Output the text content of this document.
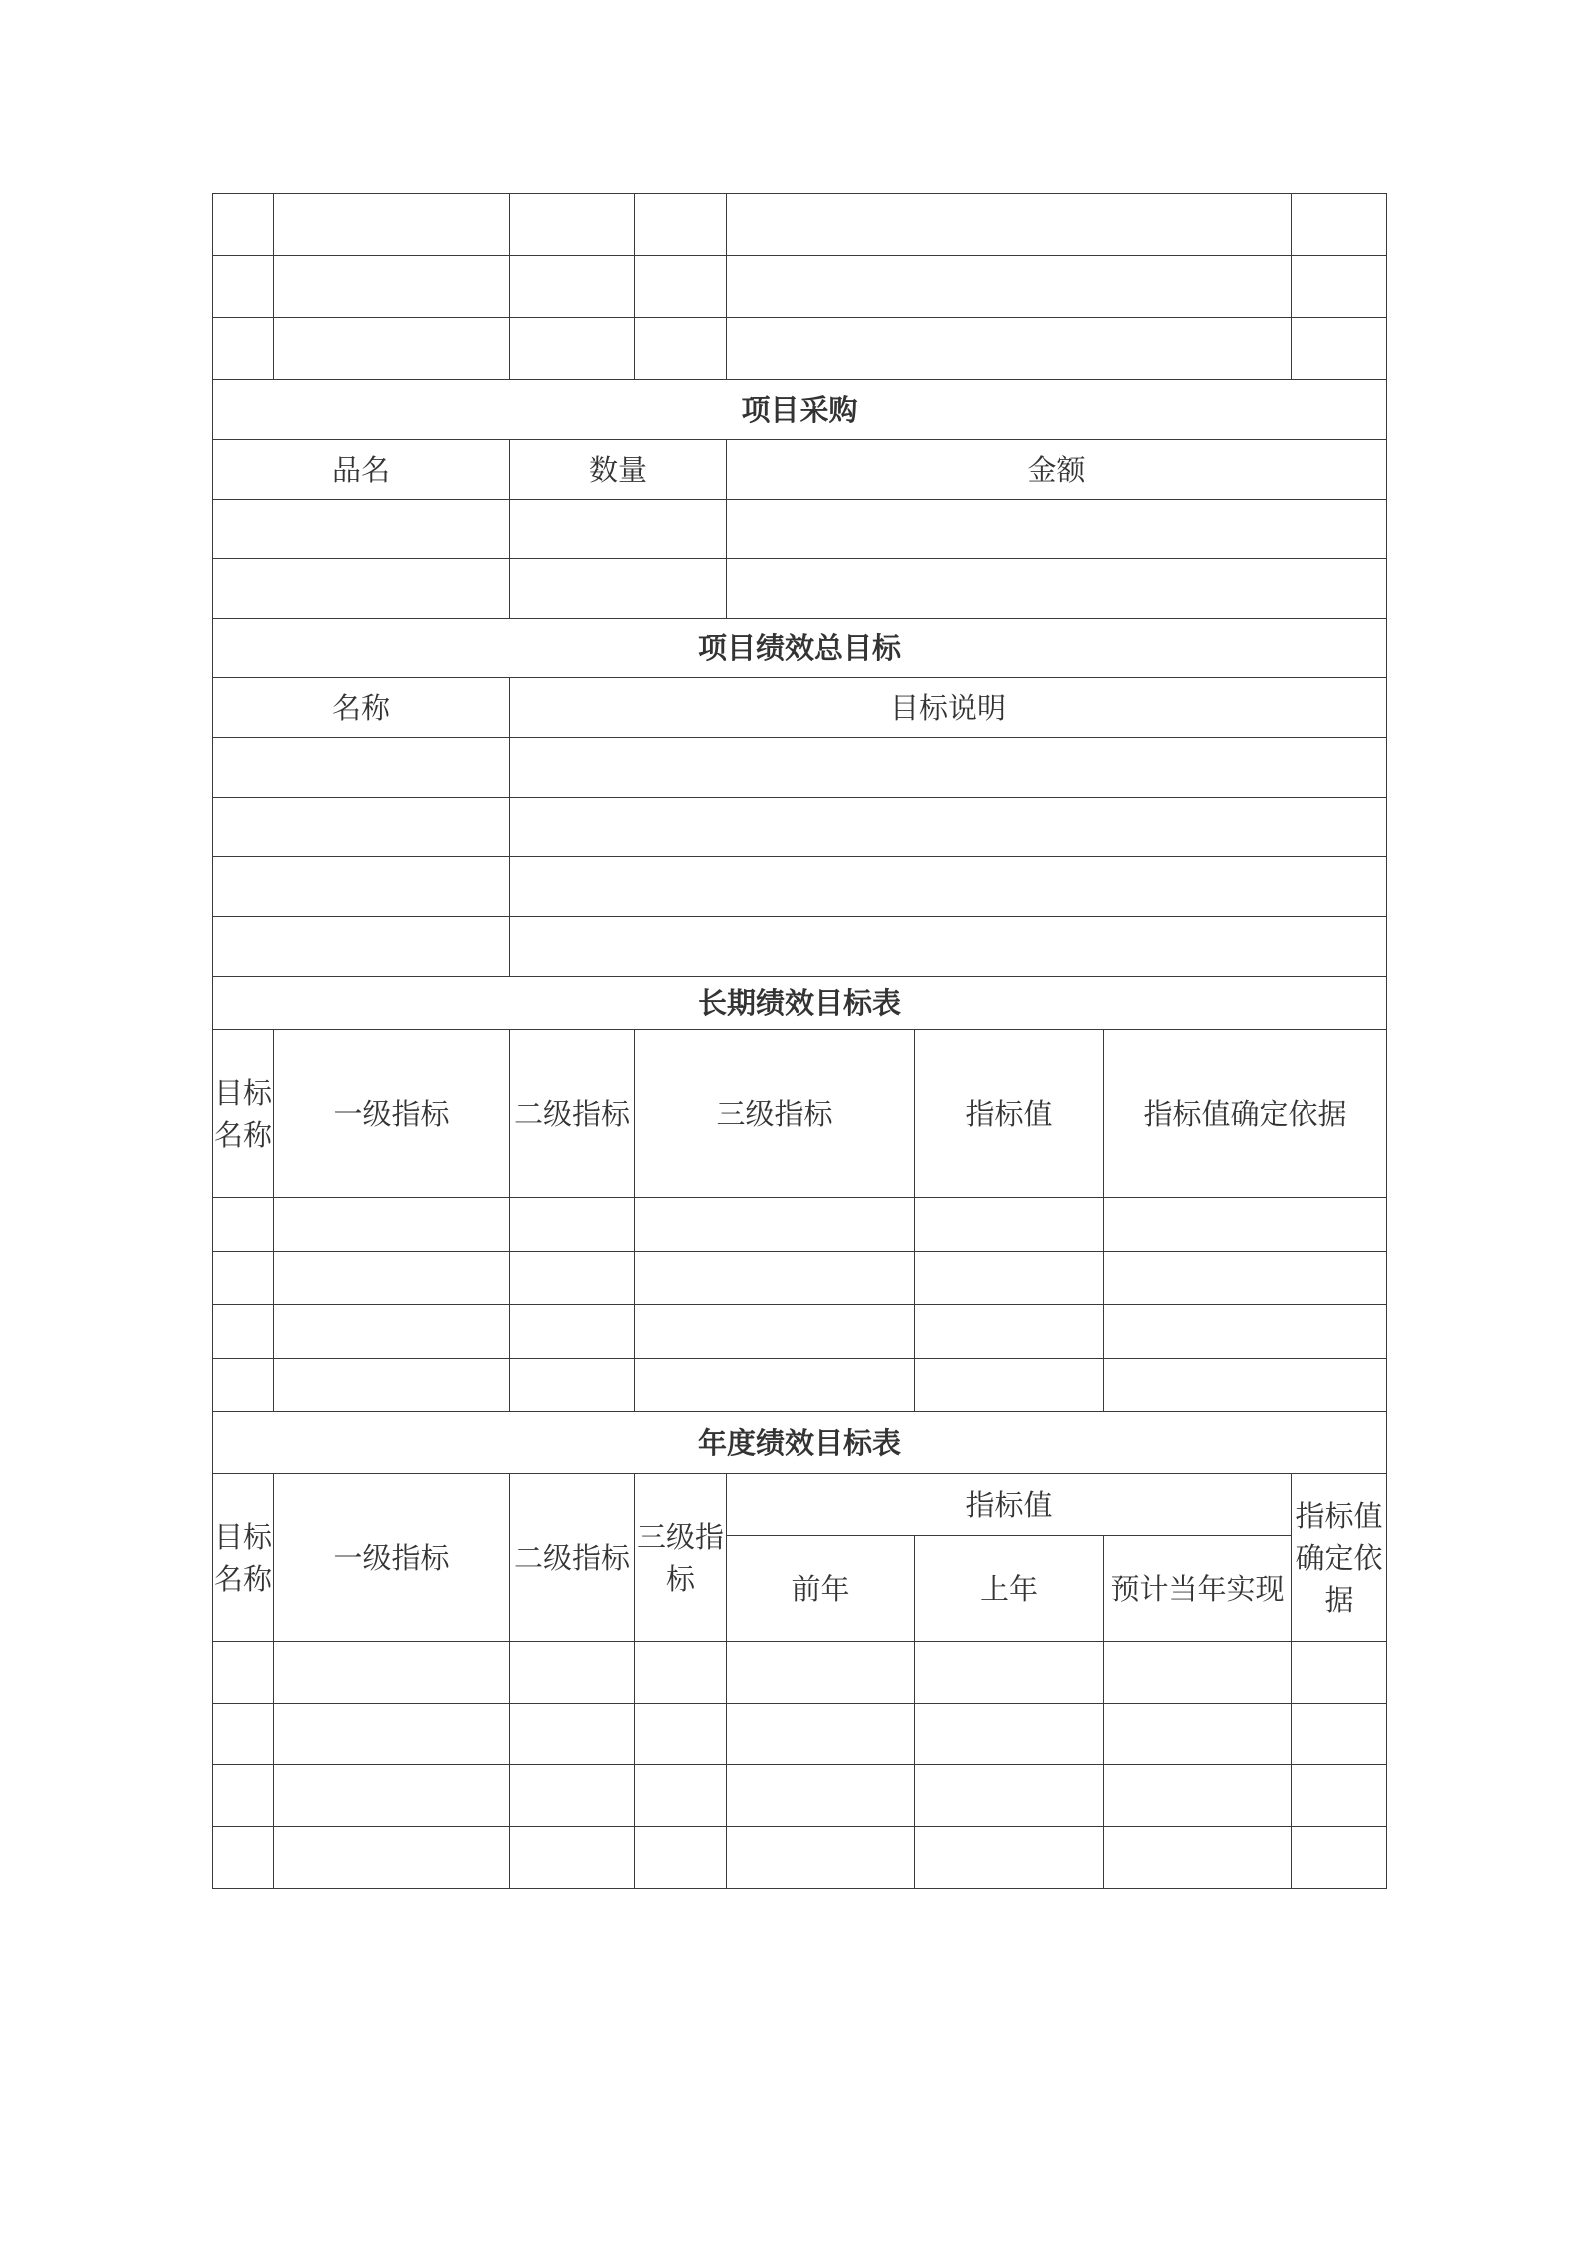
项目采购							
品名		数量		金额			

项目绩效总目标							
名称		目标说明					

长期绩效目标表							
目标名称	一级指标	二级指标	三级指标		指标值	指标值确定依据	

年度绩效目标表							
目标名称	一级指标	二级指标	三级指标	指标值			指标值确定依据
				前年	上年	预计当年实现	
